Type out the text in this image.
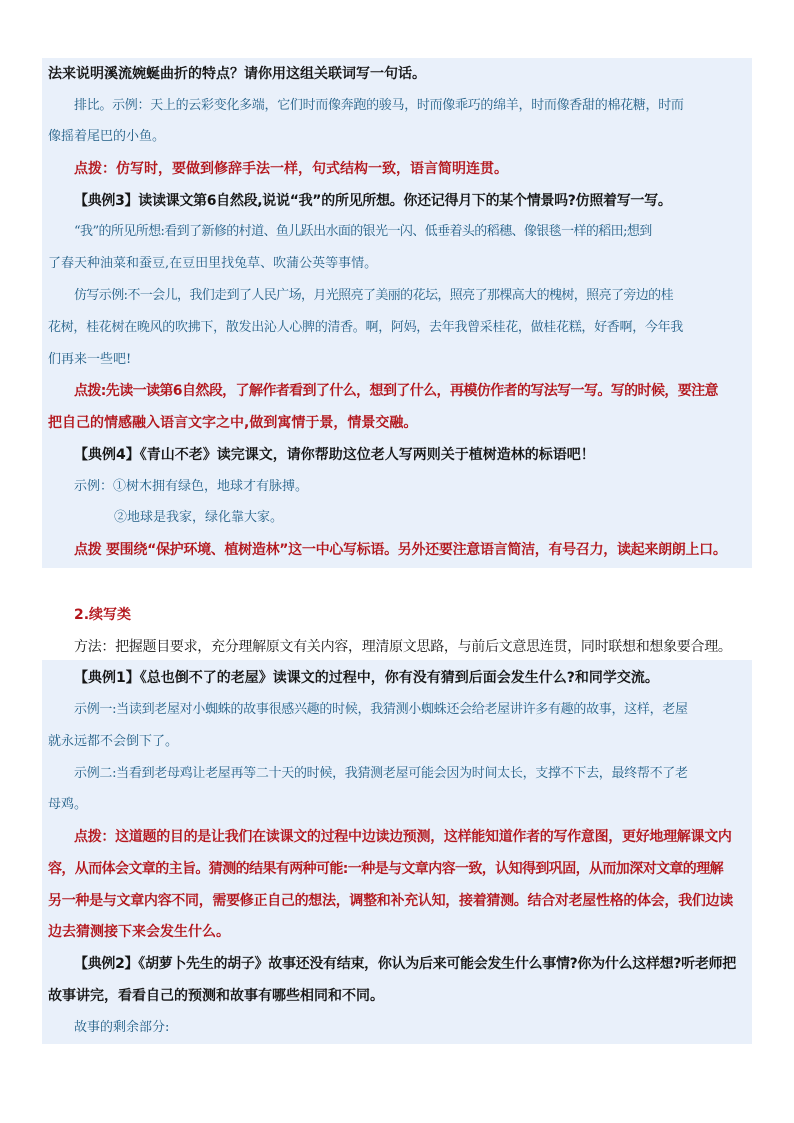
法来说明溪流婉蜒曲折的特点？请你用这组关联词写一句话。
排比。示例：天上的云彩变化多端，它们时而像奔跑的骏马，时而像乖巧的绵羊，时而像香甜的棉花糖，时而
像摇着尾巴的小鱼。
点拨：仿写时，要做到修辞手法一样，句式结构一致，语言简明连贯。
【典例3】读读课文第6自然段,说说“我”的所见所想。你还记得月下的某个情景吗?仿照着写一写。
“我”的所见所想:看到了新修的村道、鱼儿跃出水面的银光一闪、低垂着头的稻穗、像银毯一样的稻田;想到
了春天种油菜和蚕豆,在豆田里找兔草、吹蒲公英等事情。
仿写示例:不一会儿，我们走到了人民广场，月光照亮了美丽的花坛，照亮了那棵高大的槐树，照亮了旁边的桂
花树，桂花树在晚风的吹拂下，散发出沁人心脾的清香。啊，阿妈，去年我曾采桂花，做桂花糕，好香啊，今年我
们再来一些吧!
点拨:先读一读第6自然段，了解作者看到了什么，想到了什么，再模仿作者的写法写一写。写的时候，要注意
把自己的情感融入语言文字之中,做到寓情于景，情景交融。
【典例4】《青山不老》读完课文，请你帮助这位老人写两则关于植树造林的标语吧！
示例：①树木拥有绿色，地球才有脉搏。
②地球是我家，绿化靠大家。
点拨 要围绕“保护环境、植树造林”这一中心写标语。另外还要注意语言简洁，有号召力，读起来朗朗上口。
2.续写类
方法：把握题目要求，充分理解原文有关内容，理清原文思路，与前后文意思连贯，同时联想和想象要合理。
【典例1】《总也倒不了的老屋》读课文的过程中，你有没有猜到后面会发生什么?和同学交流。
示例一:当读到老屋对小蜘蛛的故事很感兴趣的时候，我猜测小蜘蛛还会给老屋讲许多有趣的故事，这样，老屋
就永远都不会倒下了。
示例二:当看到老母鸡让老屋再等二十天的时候，我猜测老屋可能会因为时间太长，支撑不下去，最终帮不了老
母鸡。
点拨：这道题的目的是让我们在读课文的过程中边读边预测，这样能知道作者的写作意图，更好地理解课文内
容，从而体会文章的主旨。猜测的结果有两种可能:一种是与文章内容一致，认知得到巩固，从而加深对文章的理解
另一种是与文章内容不同，需要修正自己的想法，调整和补充认知，接着猜测。结合对老屋性格的体会，我们边读
边去猜测接下来会发生什么。
【典例2】《胡萝卜先生的胡子》故事还没有结束，你认为后来可能会发生什么事情?你为什么这样想?听老师把
故事讲完，看看自己的预测和故事有哪些相同和不同。
故事的剩余部分:
